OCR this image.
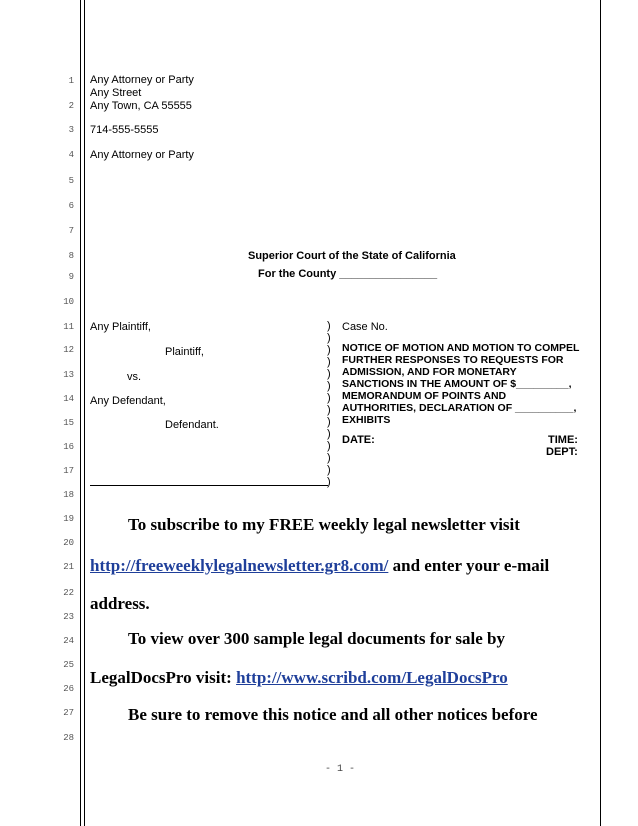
1
2
3
4
5
6
7
8
9
10
11
12
13
14
15
16
17
18
19
20
21
22
23
24
25
26
27
28
Any Attorney or Party
Any Street
Any Town, CA 55555
714-555-5555
Any Attorney or Party
Superior Court of the State of California
For the County ________________
Any Plaintiff,
Plaintiff,
vs.
Any Defendant,
Defendant.
)
)
)
)
)
)
)
)
)
)
)
)
)
)
Case No.
NOTICE OF MOTION AND MOTION TO COMPEL
FURTHER RESPONSES TO REQUESTS FOR
ADMISSION, AND FOR MONETARY
SANCTIONS IN THE AMOUNT OF $_________,
MEMORANDUM OF POINTS AND
AUTHORITIES, DECLARATION OF __________,
EXHIBITS
DATE:	TIME:
DEPT:
To subscribe to my FREE weekly legal newsletter visit
http://freeweeklylegalnewsletter.gr8.com/ and enter your e-mail
address.
To view over 300 sample legal documents for sale by
LegalDocsPro visit: http://www.scribd.com/LegalDocsPro
Be sure to remove this notice and all other notices before
- 1 -
